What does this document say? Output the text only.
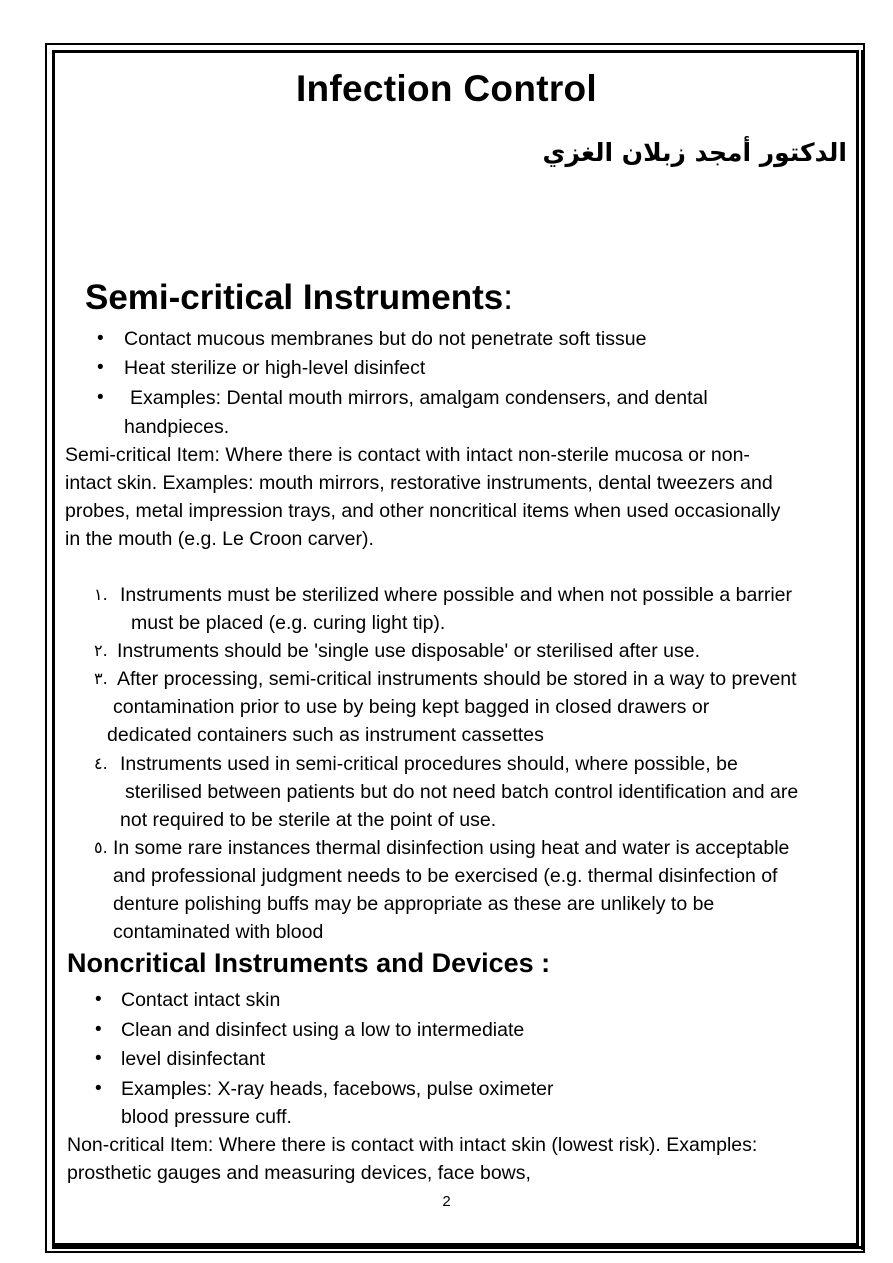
Infection Control
الدكتور أمجد زبلان الغزي
Semi-critical Instruments:
• Contact mucous membranes but do not penetrate soft tissue
• Heat sterilize or high-level disinfect
• Examples: Dental mouth mirrors, amalgam condensers, and dental
handpieces.
Semi-critical Item: Where there is contact with intact non-sterile mucosa or non-
intact skin. Examples: mouth mirrors, restorative instruments, dental tweezers and
probes, metal impression trays, and other noncritical items when used occasionally
in the mouth (e.g. Le Croon carver).
١. Instruments must be sterilized where possible and when not possible a barrier
must be placed (e.g. curing light tip).
٢. Instruments should be 'single use disposable' or sterilised after use.
٣. After processing, semi-critical instruments should be stored in a way to prevent
contamination prior to use by being kept bagged in closed drawers or
dedicated containers such as instrument cassettes
٤. Instruments used in semi-critical procedures should, where possible, be
sterilised between patients but do not need batch control identification and are
not required to be sterile at the point of use.
٥. In some rare instances thermal disinfection using heat and water is acceptable
and professional judgment needs to be exercised (e.g. thermal disinfection of
denture polishing buffs may be appropriate as these are unlikely to be
contaminated with blood
Noncritical Instruments and Devices :
• Contact intact skin
• Clean and disinfect using a low to intermediate
• level disinfectant
• Examples: X-ray heads, facebows, pulse oximeter
blood pressure cuff.
Non-critical Item: Where there is contact with intact skin (lowest risk). Examples:
prosthetic gauges and measuring devices, face bows,
2
